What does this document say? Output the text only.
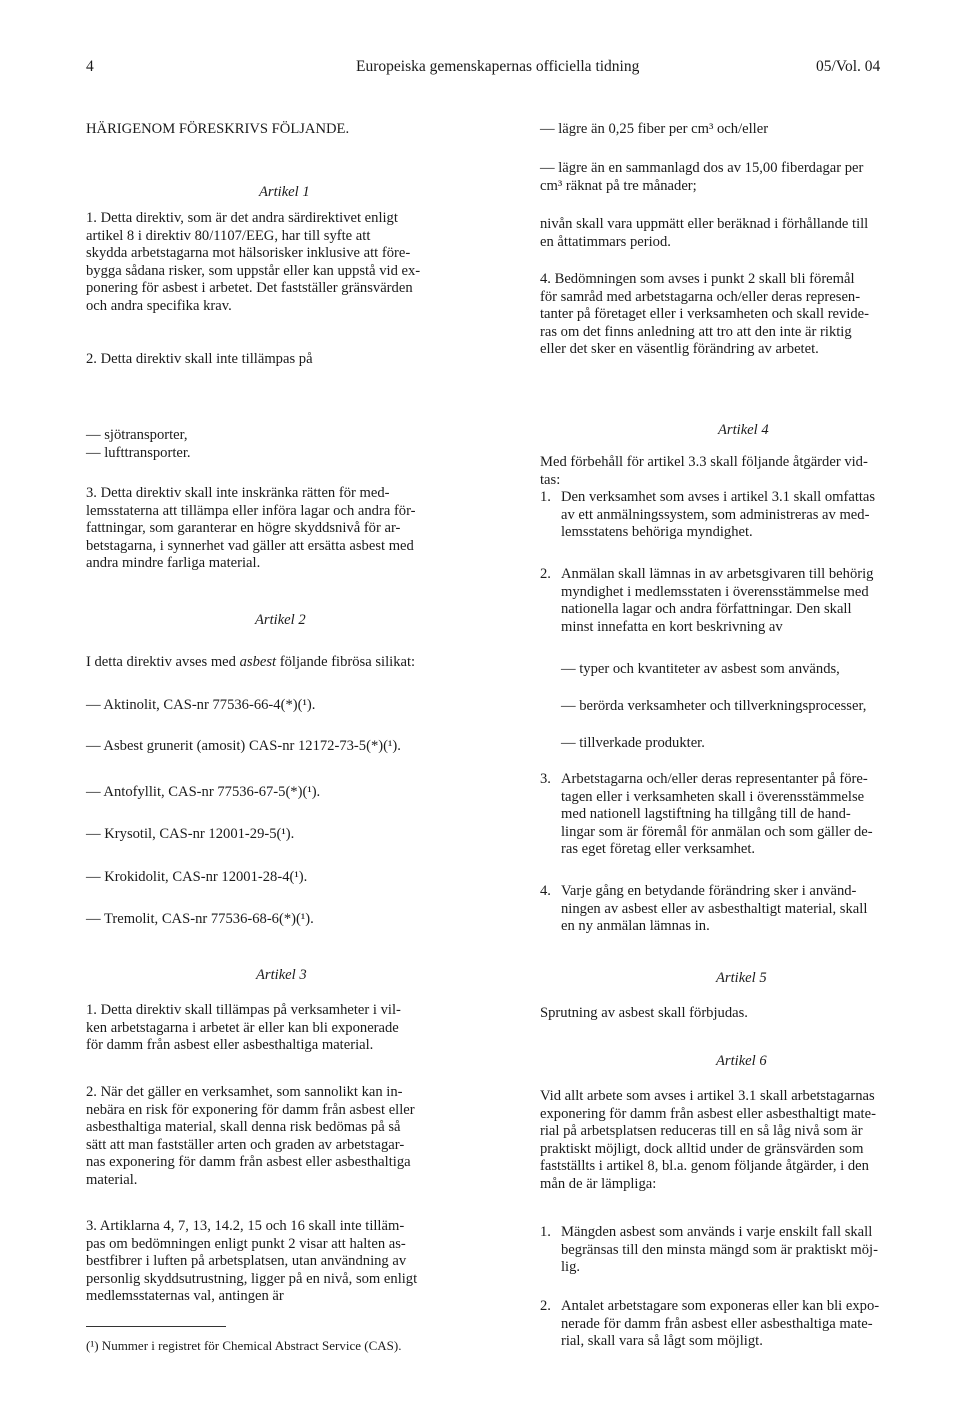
4	Europeiska gemenskapernas officiella tidning	05/Vol. 04
HÄRIGENOM FÖRESKRIVS FÖLJANDE.
Artikel 1
1. Detta direktiv, som är det andra särdirektivet enligt
artikel 8 i direktiv 80/1107/EEG, har till syfte att
skydda arbetstagarna mot hälsorisker inklusive att före-
bygga sådana risker, som uppstår eller kan uppstå vid ex-
ponering för asbest i arbetet. Det fastställer gränsvärden
och andra specifika krav.
2. Detta direktiv skall inte tillämpas på
— sjötransporter,
— lufttransporter.
3. Detta direktiv skall inte inskränka rätten för med-
lemsstaterna att tillämpa eller införa lagar och andra för-
fattningar, som garanterar en högre skyddsnivå för ar-
betstagarna, i synnerhet vad gäller att ersätta asbest med
andra mindre farliga material.
Artikel 2
I detta direktiv avses med asbest följande fibrösa silikat:
— Aktinolit, CAS-nr 77536-66-4(*)(¹).
— Asbest grunerit (amosit) CAS-nr 12172-73-5(*)(¹).
— Antofyllit, CAS-nr 77536-67-5(*)(¹).
— Krysotil, CAS-nr 12001-29-5(¹).
— Krokidolit, CAS-nr 12001-28-4(¹).
— Tremolit, CAS-nr 77536-68-6(*)(¹).
Artikel 3
1. Detta direktiv skall tillämpas på verksamheter i vil-
ken arbetstagarna i arbetet är eller kan bli exponerade
för damm från asbest eller asbesthaltiga material.
2. När det gäller en verksamhet, som sannolikt kan in-
nebära en risk för exponering för damm från asbest eller
asbesthaltiga material, skall denna risk bedömas på så
sätt att man fastställer arten och graden av arbetstagar-
nas exponering för damm från asbest eller asbesthaltiga
material.
3. Artiklarna 4, 7, 13, 14.2, 15 och 16 skall inte tilläm-
pas om bedömningen enligt punkt 2 visar att halten as-
bestfibrer i luften på arbetsplatsen, utan användning av
personlig skyddsutrustning, ligger på en nivå, som enligt
medlemsstaternas val, antingen är
(¹) Nummer i registret för Chemical Abstract Service (CAS).
— lägre än 0,25 fiber per cm³ och/eller
— lägre än en sammanlagd dos av 15,00 fiberdagar per
cm³ räknat på tre månader;
nivån skall vara uppmätt eller beräknad i förhållande till
en åttatimmars period.
4. Bedömningen som avses i punkt 2 skall bli föremål
för samråd med arbetstagarna och/eller deras represen-
tanter på företaget eller i verksamheten och skall revide-
ras om det finns anledning att tro att den inte är riktig
eller det sker en väsentlig förändring av arbetet.
Artikel 4
Med förbehåll för artikel 3.3 skall följande åtgärder vid-
tas:
1. Den verksamhet som avses i artikel 3.1 skall omfattas
av ett anmälningssystem, som administreras av med-
lemsstatens behöriga myndighet.
2. Anmälan skall lämnas in av arbetsgivaren till behörig
myndighet i medlemsstaten i överensstämmelse med
nationella lagar och andra författningar. Den skall
minst innefatta en kort beskrivning av
— typer och kvantiteter av asbest som används,
— berörda verksamheter och tillverkningsprocesser,
— tillverkade produkter.
3. Arbetstagarna och/eller deras representanter på före-
tagen eller i verksamheten skall i överensstämmelse
med nationell lagstiftning ha tillgång till de hand-
lingar som är föremål för anmälan och som gäller de-
ras eget företag eller verksamhet.
4. Varje gång en betydande förändring sker i använd-
ningen av asbest eller av asbesthaltigt material, skall
en ny anmälan lämnas in.
Artikel 5
Sprutning av asbest skall förbjudas.
Artikel 6
Vid allt arbete som avses i artikel 3.1 skall arbetstagarnas
exponering för damm från asbest eller asbesthaltigt mate-
rial på arbetsplatsen reduceras till en så låg nivå som är
praktiskt möjligt, dock alltid under de gränsvärden som
fastställts i artikel 8, bl.a. genom följande åtgärder, i den
mån de är lämpliga:
1. Mängden asbest som används i varje enskilt fall skall
begränsas till den minsta mängd som är praktiskt möj-
lig.
2. Antalet arbetstagare som exponeras eller kan bli expo-
nerade för damm från asbest eller asbesthaltiga mate-
rial, skall vara så lågt som möjligt.
